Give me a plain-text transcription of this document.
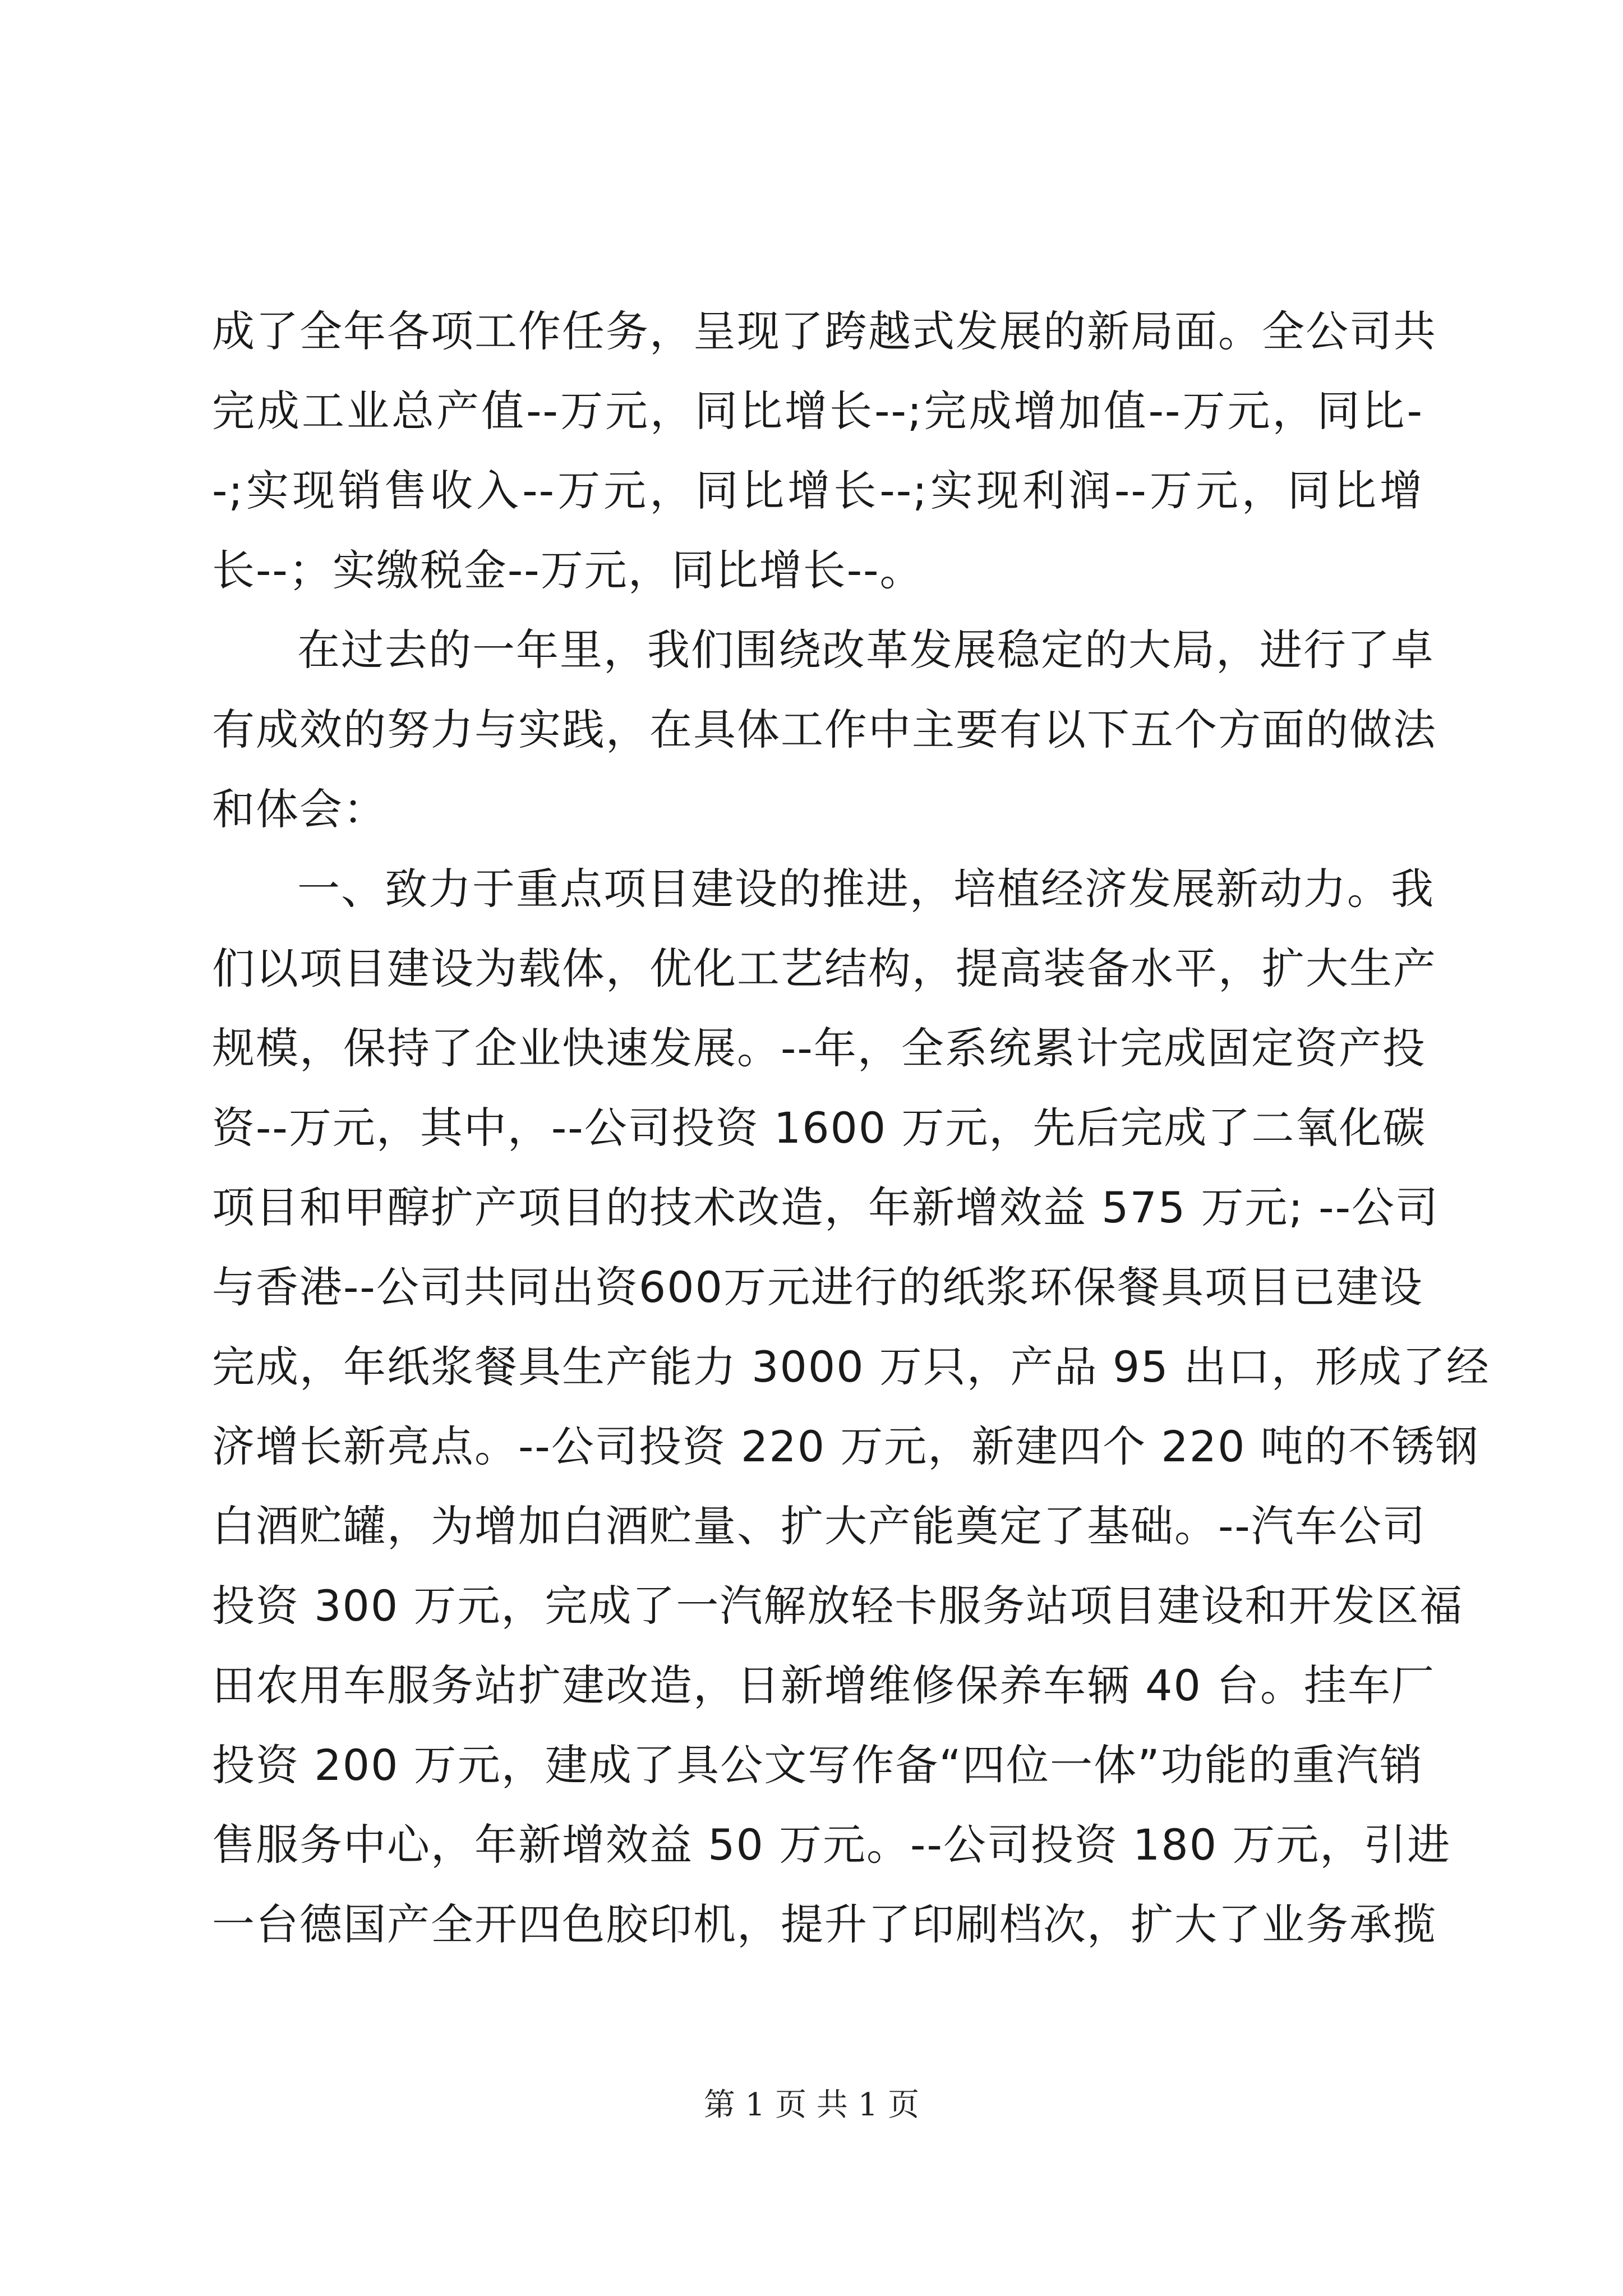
成了全年各项工作任务，呈现了跨越式发展的新局面。全公司共
完成工业总产值--万元，同比增长--;完成增加值--万元，同比-
-;实现销售收入--万元，同比增长--;实现利润--万元，同比增
长--；实缴税金--万元，同比增长--。
在过去的一年里，我们围绕改革发展稳定的大局，进行了卓
有成效的努力与实践，在具体工作中主要有以下五个方面的做法
和体会：
一、致力于重点项目建设的推进，培植经济发展新动力。我
们以项目建设为载体，优化工艺结构，提高装备水平，扩大生产
规模，保持了企业快速发展。--年，全系统累计完成固定资产投
资--万元，其中，--公司投资 1600 万元，先后完成了二氧化碳
项目和甲醇扩产项目的技术改造，年新增效益 575 万元; --公司
与香港--公司共同出资600万元进行的纸浆环保餐具项目已建设
完成，年纸浆餐具生产能力 3000 万只，产品 95 出口，形成了经
济增长新亮点。--公司投资 220 万元，新建四个 220 吨的不锈钢
白酒贮罐，为增加白酒贮量、扩大产能奠定了基础。--汽车公司
投资 300 万元，完成了一汽解放轻卡服务站项目建设和开发区福
田农用车服务站扩建改造，日新增维修保养车辆 40 台。挂车厂
投资 200 万元，建成了具公文写作备“四位一体”功能的重汽销
售服务中心，年新增效益 50 万元。--公司投资 180 万元，引进
一台德国产全开四色胶印机，提升了印刷档次，扩大了业务承揽
第 1 页 共 1 页
